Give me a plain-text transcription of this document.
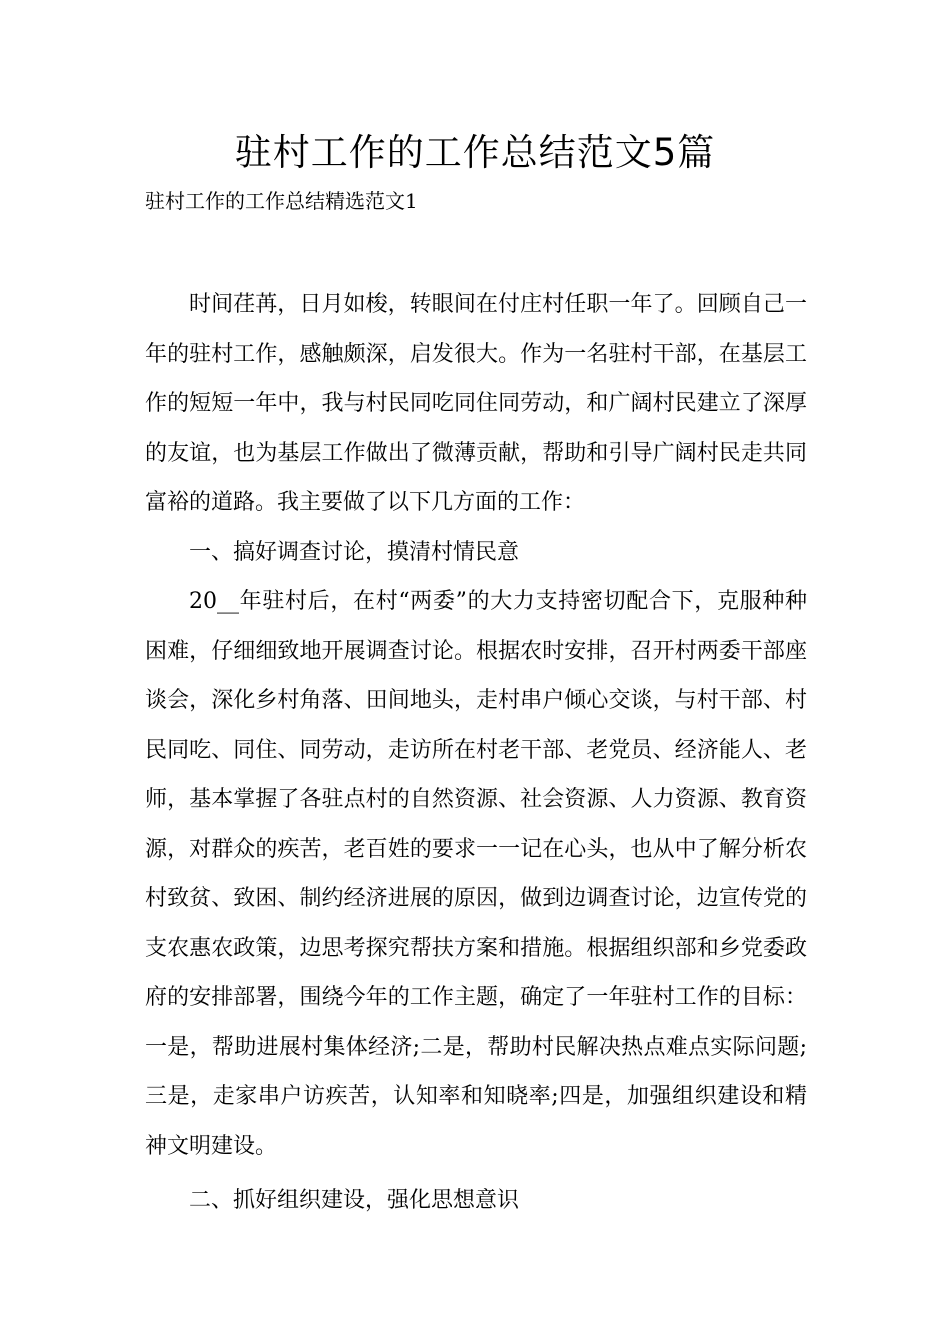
驻村工作的工作总结范文5篇
驻村工作的工作总结精选范文1

时间荏苒，日月如梭，转眼间在付庄村任职一年了。回顾自己一年的驻村工作，感触颇深，启发很大。作为一名驻村干部，在基层工作的短短一年中，我与村民同吃同住同劳动，和广阔村民建立了深厚的友谊，也为基层工作做出了微薄贡献，帮助和引导广阔村民走共同富裕的道路。我主要做了以下几方面的工作：

一、搞好调查讨论，摸清村情民意

20__年驻村后，在村“两委”的大力支持密切配合下，克服种种困难，仔细细致地开展调查讨论。根据农时安排，召开村两委干部座谈会，深化乡村角落、田间地头，走村串户倾心交谈，与村干部、村民同吃、同住、同劳动，走访所在村老干部、老党员、经济能人、老师，基本掌握了各驻点村的自然资源、社会资源、人力资源、教育资源，对群众的疾苦，老百姓的要求一一记在心头，也从中了解分析农村致贫、致困、制约经济进展的原因，做到边调查讨论，边宣传党的支农惠农政策，边思考探究帮扶方案和措施。根据组织部和乡党委政府的安排部署，围绕今年的工作主题，确定了一年驻村工作的目标：一是，帮助进展村集体经济;二是，帮助村民解决热点难点实际问题;三是，走家串户访疾苦，认知率和知晓率;四是，加强组织建设和精神文明建设。

二、抓好组织建设，强化思想意识
